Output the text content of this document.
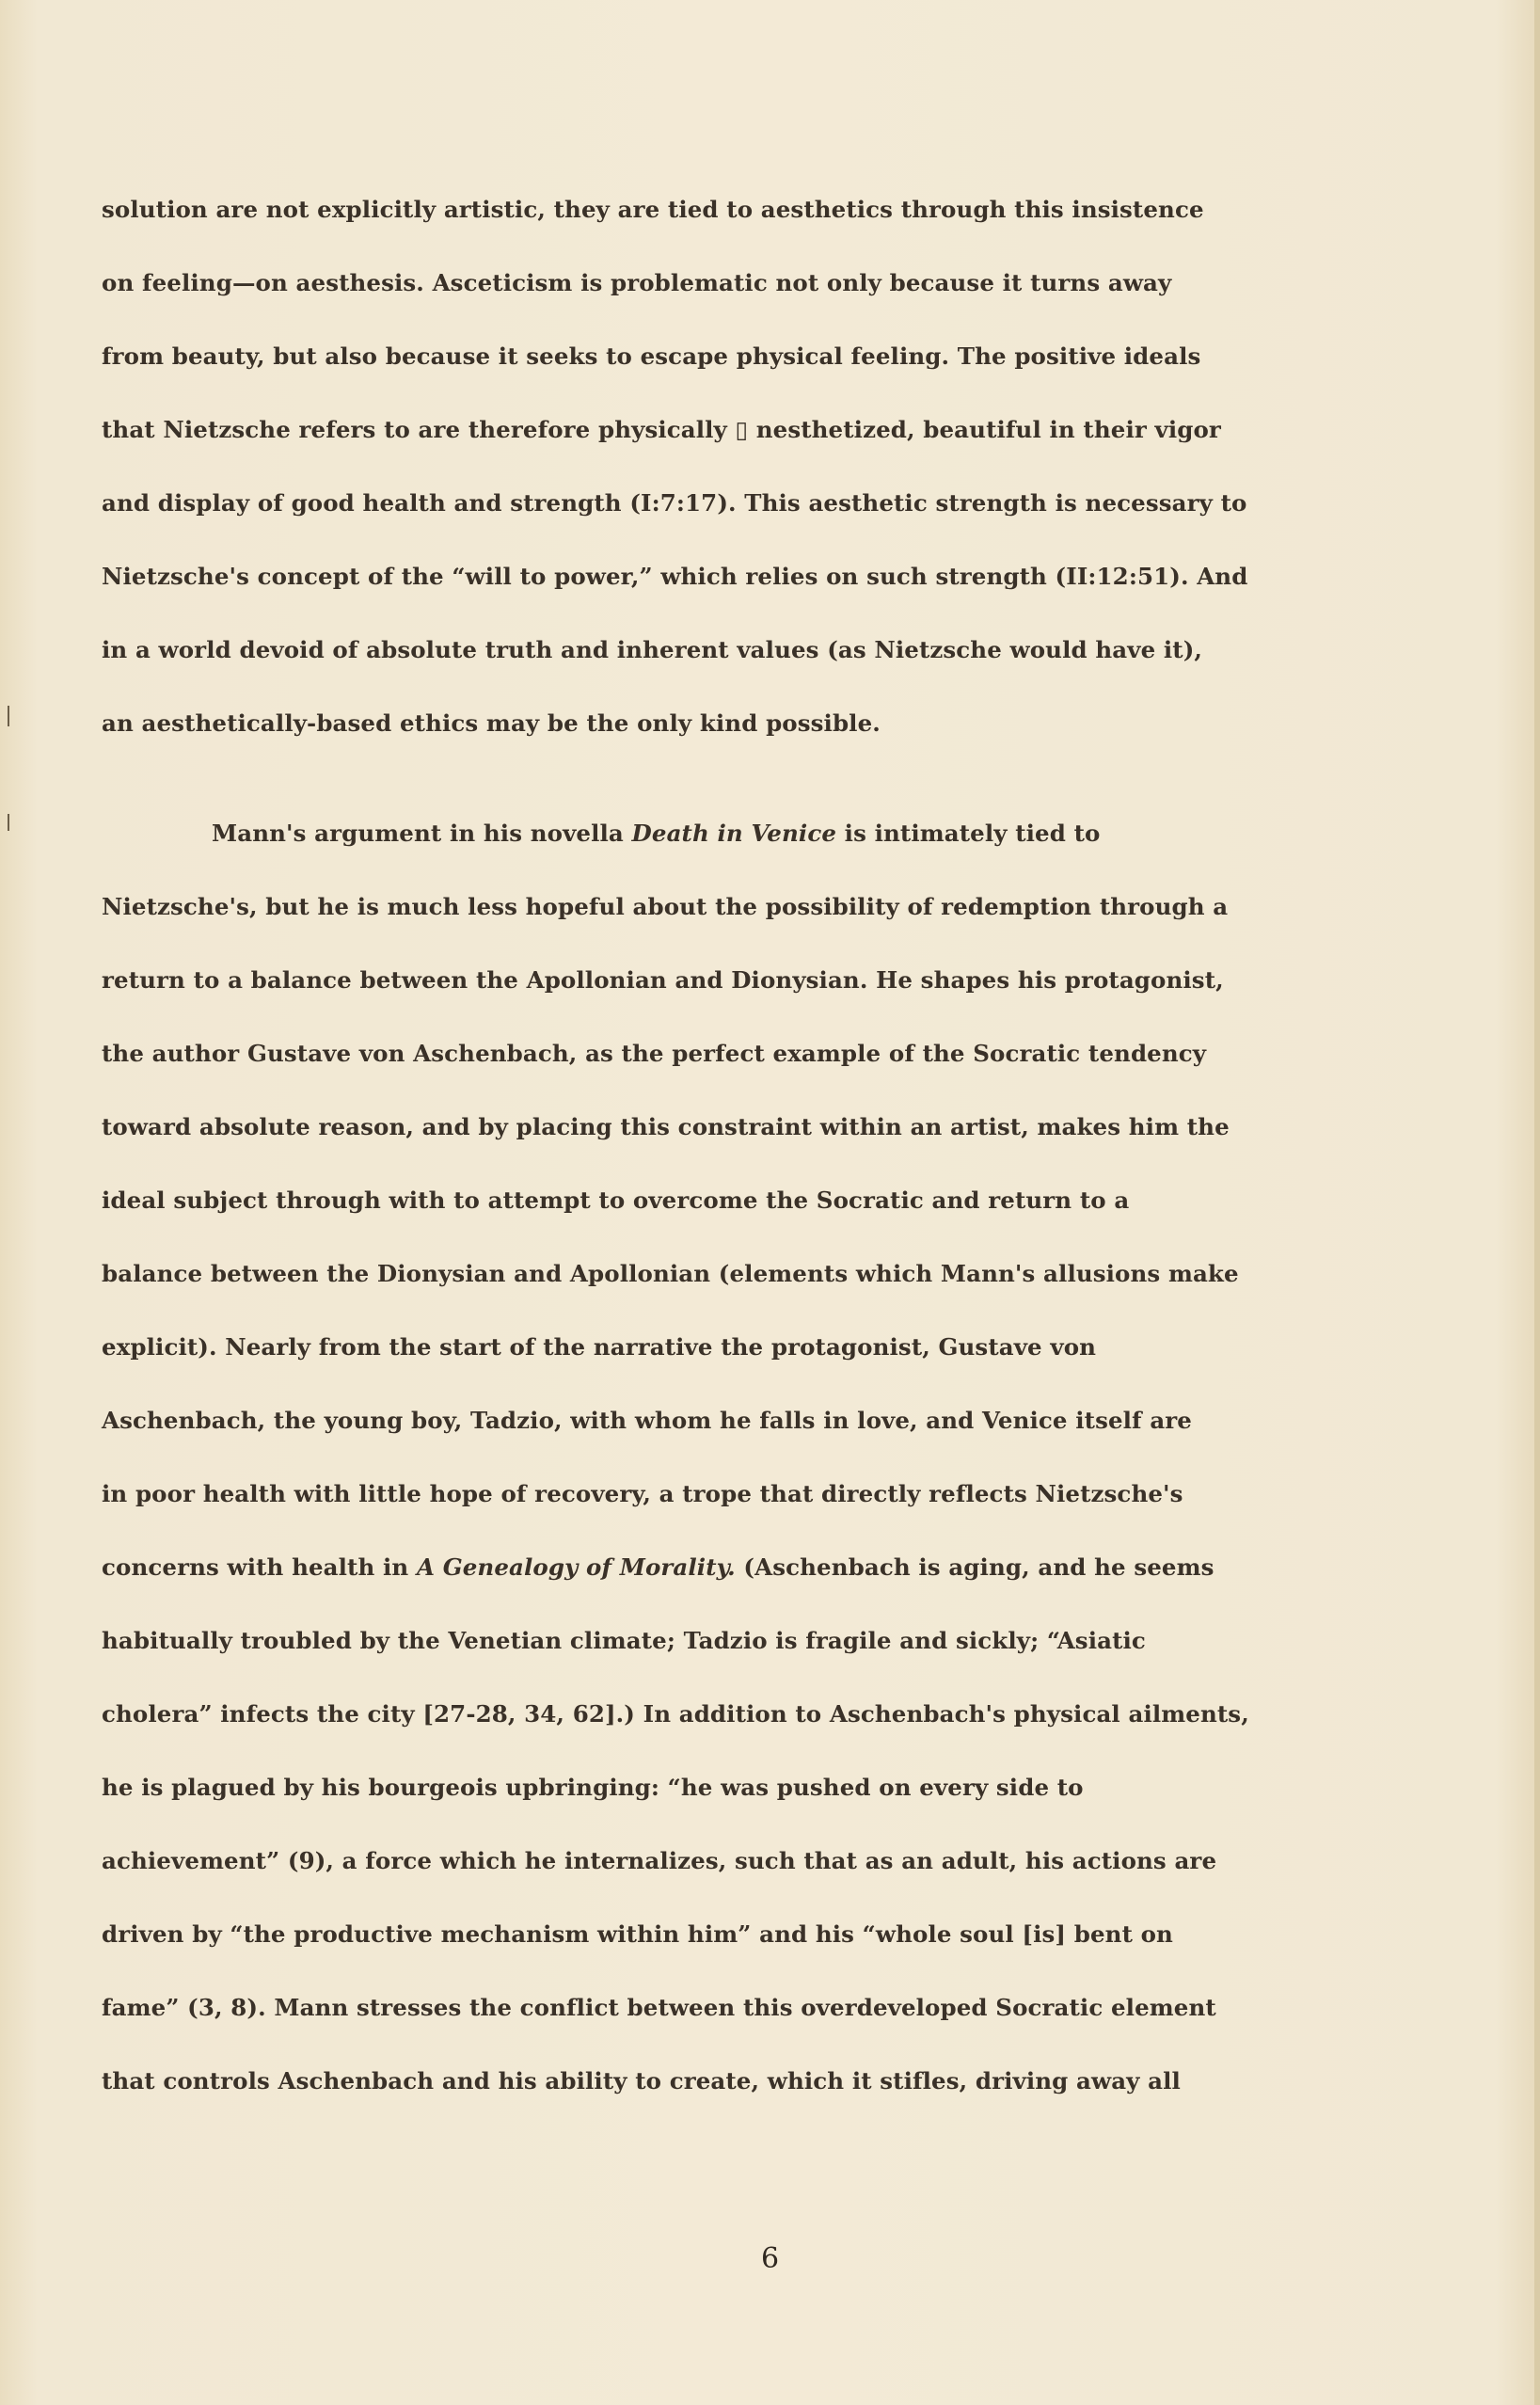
solution are not explicitly artistic, they are tied to aesthetics through this insistence
on feeling—on aesthesis. Asceticism is problematic not only because it turns away
from beauty, but also because it seeks to escape physical feeling. The positive ideals
that Nietzsche refers to are therefore physically ▯ nesthetized, beautiful in their vigor
and display of good health and strength (I:7:17). This aesthetic strength is necessary to
Nietzsche's concept of the “will to power,” which relies on such strength (II:12:51). And
in a world devoid of absolute truth and inherent values (as Nietzsche would have it),
an aesthetically-based ethics may be the only kind possible.
Mann's argument in his novella Death in Venice is intimately tied to
Nietzsche's, but he is much less hopeful about the possibility of redemption through a
return to a balance between the Apollonian and Dionysian. He shapes his protagonist,
the author Gustave von Aschenbach, as the perfect example of the Socratic tendency
toward absolute reason, and by placing this constraint within an artist, makes him the
ideal subject through with to attempt to overcome the Socratic and return to a
balance between the Dionysian and Apollonian (elements which Mann's allusions make
explicit). Nearly from the start of the narrative the protagonist, Gustave von
Aschenbach, the young boy, Tadzio, with whom he falls in love, and Venice itself are
in poor health with little hope of recovery, a trope that directly reflects Nietzsche's
concerns with health in A Genealogy of Morality. (Aschenbach is aging, and he seems
habitually troubled by the Venetian climate; Tadzio is fragile and sickly; “Asiatic
cholera” infects the city [27-28, 34, 62].) In addition to Aschenbach's physical ailments,
he is plagued by his bourgeois upbringing: “he was pushed on every side to
achievement” (9), a force which he internalizes, such that as an adult, his actions are
driven by “the productive mechanism within him” and his “whole soul [is] bent on
fame” (3, 8). Mann stresses the conflict between this overdeveloped Socratic element
that controls Aschenbach and his ability to create, which it stifles, driving away all
6
